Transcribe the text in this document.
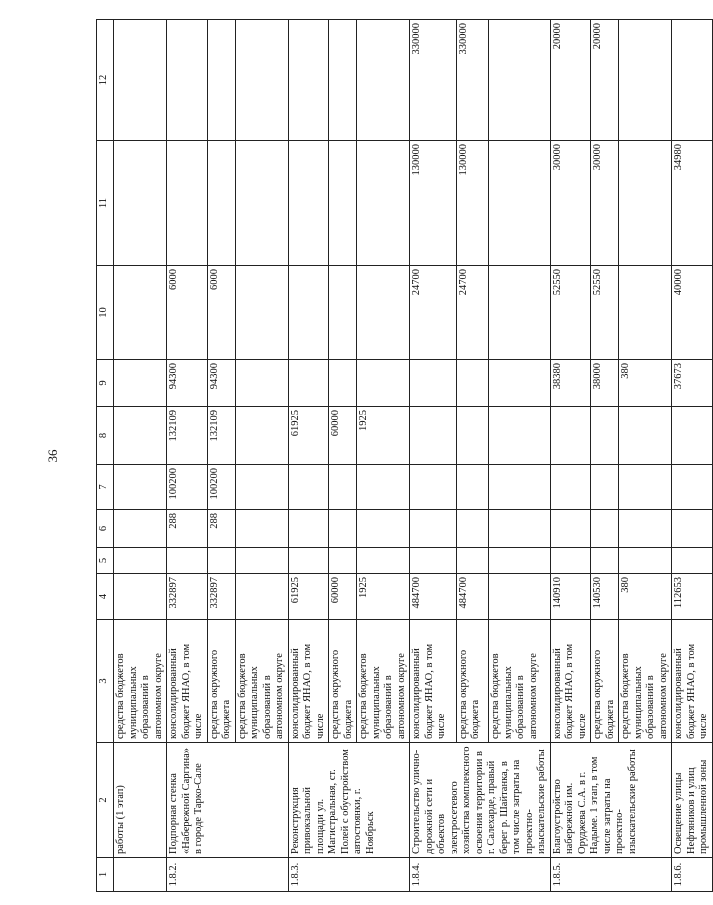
36
1	2	3	4	5	6	7	8	9	10	11	12
	работы (1 этап)	средства бюджетов муниципальных образований в автономном округе									
1.8.2.	Подпорная стенка «Набережной Саргина» в городе Тарко-Сале	консолидированный бюджет ЯНАО, в том числе	332897		288	100200	132109	94300	6000		
		средства окружного бюджета	332897		288	100200	132109	94300	6000		
		средства бюджетов муниципальных образований в автономном округе									
1.8.3.	Реконструкция привокзальной площади ул. Магистральная, ст. Полей с обустройством автостоянки, г. Ноябрьск	консолидированный бюджет ЯНАО, в том числе	61925				61925				
		средства окружного бюджета	60000				60000				
		средства бюджетов муниципальных образований в автономном округе	1925				1925				
1.8.4.	Строительство улично-дорожной сети и объектов электросетевого хозяйства комплексного освоения территории в г. Салехарде, правый берег р. Шайтанка, в том числе затраты на проектно-изыскательские работы	консолидированный бюджет ЯНАО, в том числе	484700						24700	130000	330000
		средства окружного бюджета	484700						24700	130000	330000
		средства бюджетов муниципальных образований в автономном округе									
1.8.5.	Благоустройство набережной им. Оруджева С.А. в г. Надыме. 1 этап, в том числе затраты на проектно-изыскательские работы	консолидированный бюджет ЯНАО, в том числе	140910					38380	52550	30000	20000
		средства окружного бюджета	140530					38000	52550	30000	20000
		средства бюджетов муниципальных образований в автономном округе	380					380			
1.8.6.	Освещение улицы Нефтяников и улиц промышленной зоны	консолидированный бюджет ЯНАО, в том числе	112653					37673	40000	34980	
